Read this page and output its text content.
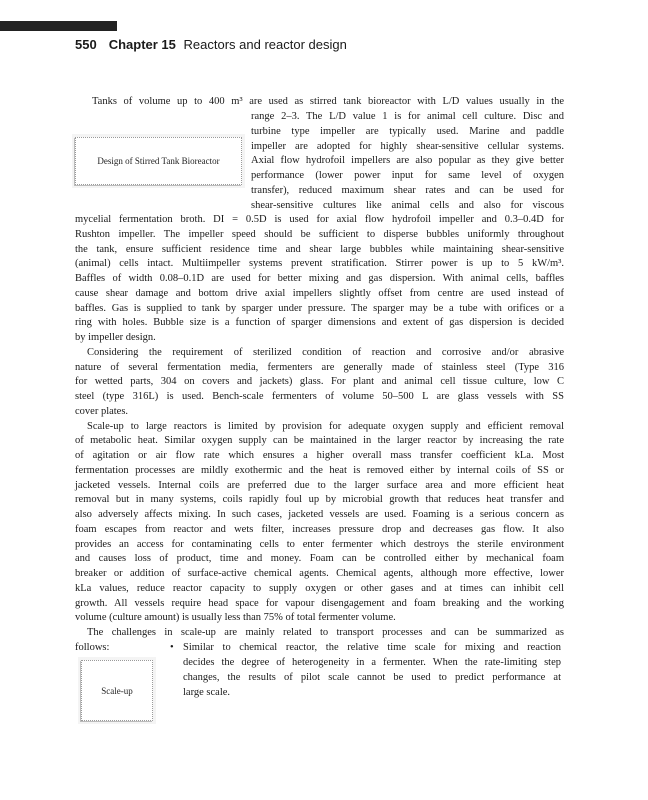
550 Chapter 15 Reactors and reactor design
Tanks of volume up to 400 m³ are used as stirred tank bioreactor with L/D values usually in the
Design of Stirred Tank Bioreactor
range 2–3. The L/D value 1 is for animal cell culture. Disc and
turbine type impeller are typically used. Marine and paddle
impeller are adopted for highly shear-sensitive cellular systems.
Axial flow hydrofoil impellers are also popular as they give better
performance (lower power input for same level of oxygen
transfer), reduced maximum shear rates and can be used for
shear-sensitive cultures like animal cells and also for viscous
mycelial fermentation broth. DI = 0.5D is used for axial flow hydrofoil impeller and 0.3–0.4D for
Rushton impeller. The impeller speed should be sufficient to disperse bubbles uniformly throughout
the tank, ensure sufficient residence time and shear large bubbles while maintaining shear-sensitive
(animal) cells intact. Multiimpeller systems prevent stratification. Stirrer power is up to 5 kW/m³.
Baffles of width 0.08–0.1D are used for better mixing and gas dispersion. With animal cells, baffles
cause shear damage and bottom drive axial impellers slightly offset from centre are used instead of
baffles. Gas is supplied to tank by sparger under pressure. The sparger may be a tube with orifices or a
ring with holes. Bubble size is a function of sparger dimensions and extent of gas dispersion is decided
by impeller design.
Considering the requirement of sterilized condition of reaction and corrosive and/or abrasive
nature of several fermentation media, fermenters are generally made of stainless steel (Type 316
for wetted parts, 304 on covers and jackets) glass. For plant and animal cell tissue culture, low C
steel (type 316L) is used. Bench-scale fermenters of volume 50–500 L are glass vessels with SS
cover plates.
Scale-up to large reactors is limited by provision for adequate oxygen supply and efficient removal
of metabolic heat. Similar oxygen supply can be maintained in the larger reactor by increasing the rate
of agitation or air flow rate which ensures a higher overall mass transfer coefficient kLa. Most
fermentation processes are mildly exothermic and the heat is removed either by internal coils of SS or
jacketed vessels. Internal coils are preferred due to the larger surface area and more efficient heat
removal but in many systems, coils rapidly foul up by microbial growth that reduces heat transfer and
also adversely affects mixing. In such cases, jacketed vessels are used. Foaming is a serious concern as
foam escapes from reactor and wets filter, increases pressure drop and decreases gas flow. It also
provides an access for contaminating cells to enter fermenter which destroys the sterile environment
and causes loss of product, time and money. Foam can be controlled either by mechanical foam
breaker or addition of surface-active chemical agents. Chemical agents, although more effective, lower
kLa values, reduce reactor capacity to supply oxygen or other gases and at times can inhibit cell
growth. All vessels require head space for vapour disengagement and foam breaking and the working
volume (culture amount) is usually less than 75% of total fermenter volume.
The challenges in scale-up are mainly related to transport processes and can be summarized as
follows:
Scale-up
• Similar to chemical reactor, the relative time scale for mixing and reaction
decides the degree of heterogeneity in a fermenter. When the rate-limiting step
changes, the results of pilot scale cannot be used to predict performance at
large scale.
